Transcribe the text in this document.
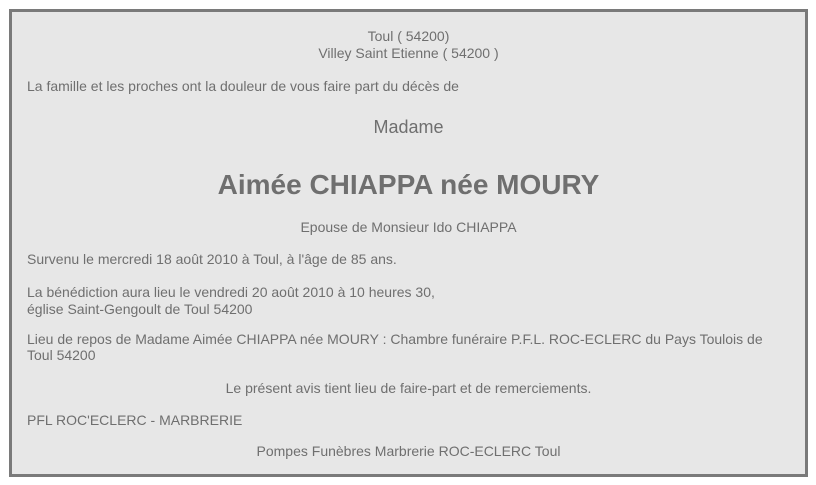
Toul ( 54200)

Villey Saint Etienne ( 54200 )

La famille et les proches ont la douleur de vous faire part du décès de

Madame

Aimée CHIAPPA née MOURY

Epouse de Monsieur Ido CHIAPPA

Survenu le mercredi 18 août 2010 à Toul, à l'âge de 85 ans.

La bénédiction aura lieu le vendredi 20 août 2010 à 10 heures 30,

église Saint-Gengoult de Toul 54200

Lieu de repos de Madame Aimée CHIAPPA née MOURY : Chambre funéraire P.F.L. ROC-ECLERC du Pays Toulois de Toul 54200

Le présent avis tient lieu de faire-part et de remerciements.

PFL ROC'ECLERC - MARBRERIE

Pompes Funèbres Marbrerie ROC-ECLERC Toul
